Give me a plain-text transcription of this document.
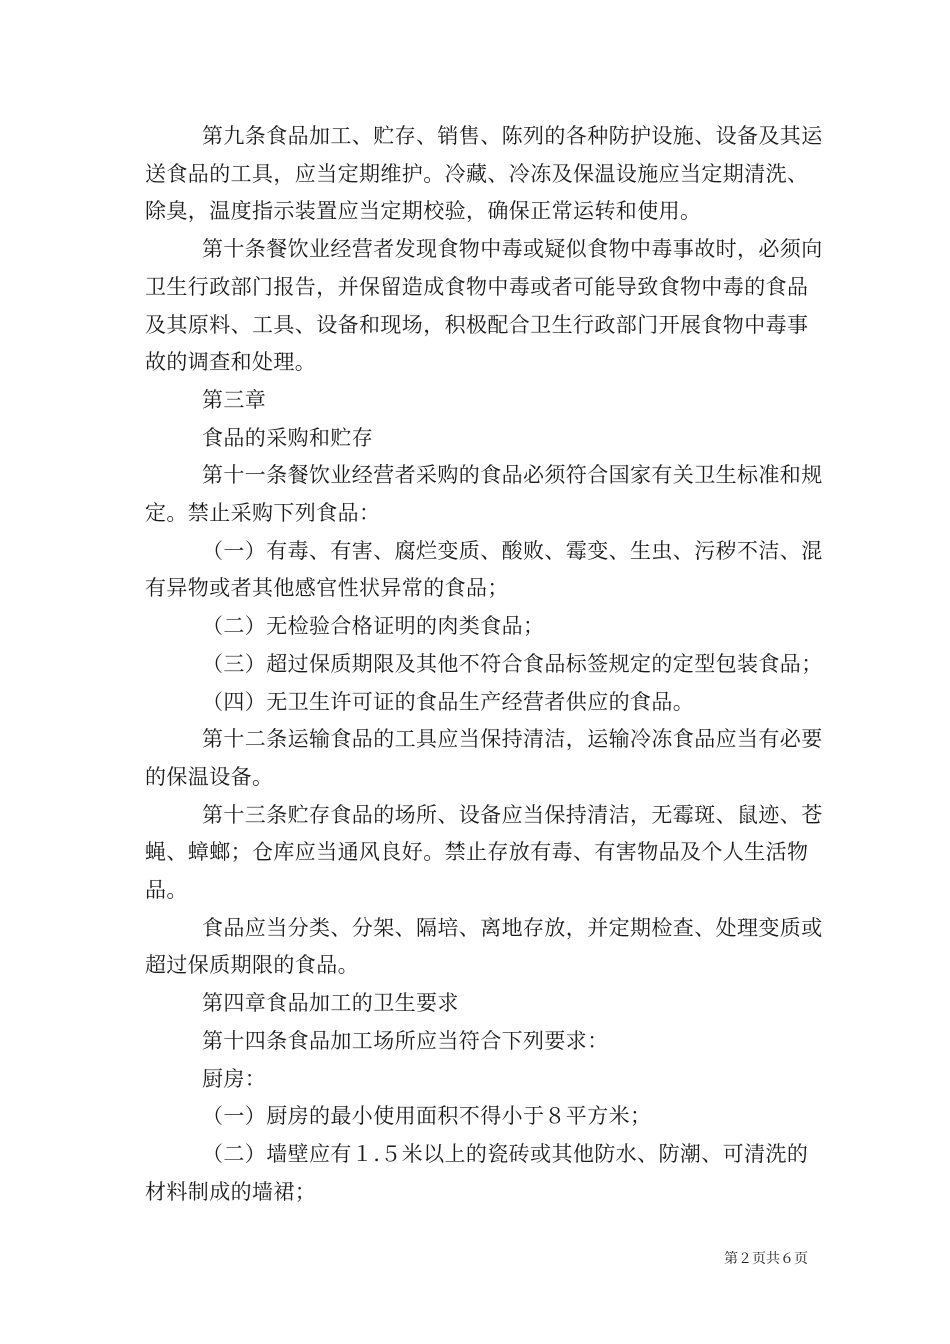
第九条食品加工、贮存、销售、陈列的各种防护设施、设备及其运送食品的工具，应当定期维护。冷藏、冷冻及保温设施应当定期清洗、除臭，温度指示装置应当定期校验，确保正常运转和使用。

第十条餐饮业经营者发现食物中毒或疑似食物中毒事故时，必须向卫生行政部门报告，并保留造成食物中毒或者可能导致食物中毒的食品及其原料、工具、设备和现场，积极配合卫生行政部门开展食物中毒事故的调查和处理。

第三章

食品的采购和贮存

第十一条餐饮业经营者采购的食品必须符合国家有关卫生标准和规定。禁止采购下列食品：

（一）有毒、有害、腐烂变质、酸败、霉变、生虫、污秽不洁、混有异物或者其他感官性状异常的食品；

（二）无检验合格证明的肉类食品；

（三）超过保质期限及其他不符合食品标签规定的定型包装食品；

（四）无卫生许可证的食品生产经营者供应的食品。

第十二条运输食品的工具应当保持清洁，运输冷冻食品应当有必要的保温设备。

第十三条贮存食品的场所、设备应当保持清洁，无霉斑、鼠迹、苍蝇、蟑螂；仓库应当通风良好。禁止存放有毒、有害物品及个人生活物品。

食品应当分类、分架、隔培、离地存放，并定期检查、处理变质或超过保质期限的食品。

第四章食品加工的卫生要求

第十四条食品加工场所应当符合下列要求：

厨房：

（一）厨房的最小使用面积不得小于８平方米；

（二）墙壁应有１.５米以上的瓷砖或其他防水、防潮、可清洗的材料制成的墙裙；

第２页共６页
